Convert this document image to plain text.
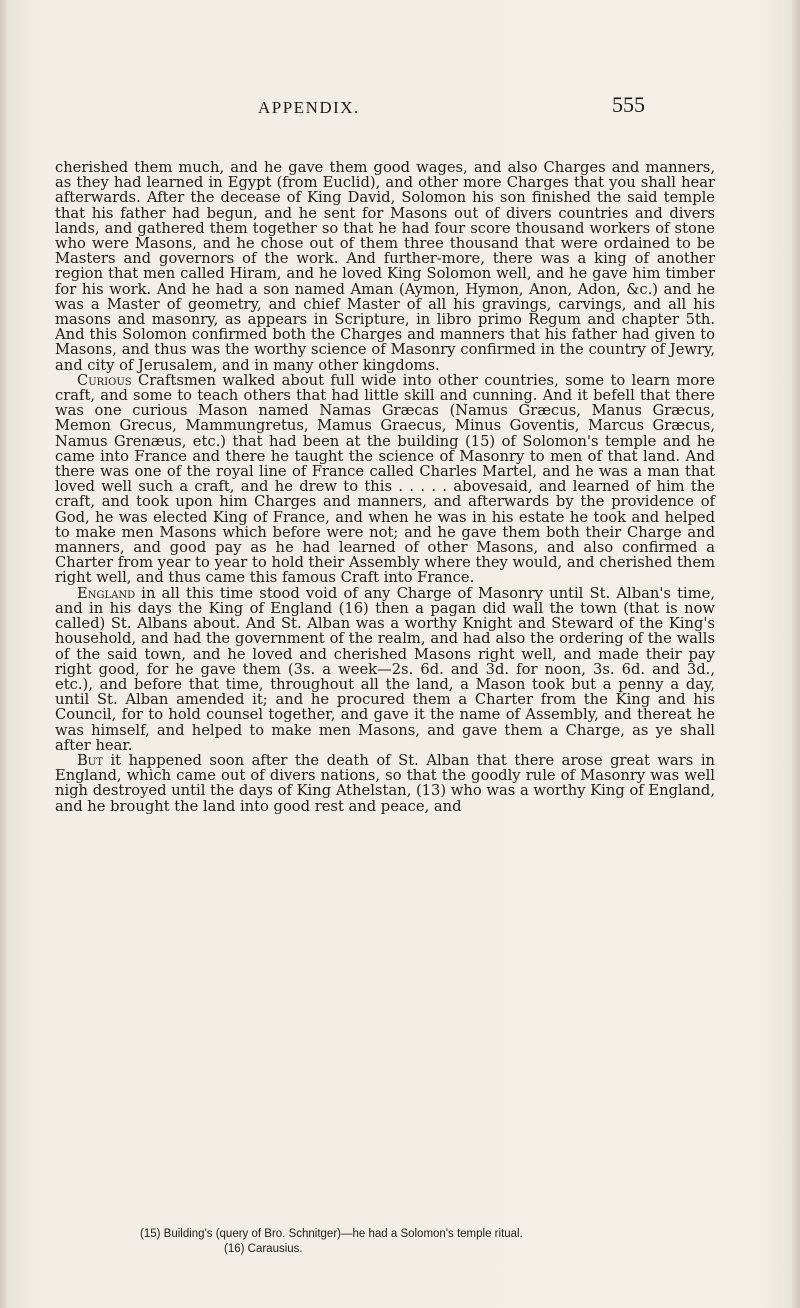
APPENDIX.	555

cherished them much, and he gave them good wages, and also Charges and manners, as they had learned in Egypt (from Euclid), and other more Charges that you shall hear afterwards. After the decease of King David, Solomon his son finished the said temple that his father had begun, and he sent for Masons out of divers countries and divers lands, and gathered them together so that he had four score thousand workers of stone who were Masons, and he chose out of them three thousand that were ordained to be Masters and governors of the work. And further-more, there was a king of another region that men called Hiram, and he loved King Solomon well, and he gave him timber for his work. And he had a son named Aman (Aymon, Hymon, Anon, Adon, &c.) and he was a Master of geometry, and chief Master of all his gravings, carvings, and all his masons and masonry, as appears in Scripture, in libro primo Regum and chapter 5th. And this Solomon confirmed both the Charges and manners that his father had given to Masons, and thus was the worthy science of Masonry confirmed in the country of Jewry, and city of Jerusalem, and in many other kingdoms.

Curious Craftsmen walked about full wide into other countries, some to learn more craft, and some to teach others that had little skill and cunning. And it befell that there was one curious Mason named Namas Græcas (Namus Græcus, Manus Græcus, Memon Grecus, Mammungretus, Mamus Graecus, Minus Goventis, Marcus Græcus, Namus Grenæus, etc.) that had been at the building (15) of Solomon's temple and he came into France and there he taught the science of Masonry to men of that land. And there was one of the royal line of France called Charles Martel, and he was a man that loved well such a craft, and he drew to this . . . . . abovesaid, and learned of him the craft, and took upon him Charges and manners, and afterwards by the providence of God, he was elected King of France, and when he was in his estate he took and helped to make men Masons which before were not; and he gave them both their Charge and manners, and good pay as he had learned of other Masons, and also confirmed a Charter from year to year to hold their Assembly where they would, and cherished them right well, and thus came this famous Craft into France.

England in all this time stood void of any Charge of Masonry until St. Alban's time, and in his days the King of England (16) then a pagan did wall the town (that is now called) St. Albans about. And St. Alban was a worthy Knight and Steward of the King's household, and had the government of the realm, and had also the ordering of the walls of the said town, and he loved and cherished Masons right well, and made their pay right good, for he gave them (3s. a week—2s. 6d. and 3d. for noon, 3s. 6d. and 3d., etc.), and before that time, throughout all the land, a Mason took but a penny a day, until St. Alban amended it; and he procured them a Charter from the King and his Council, for to hold counsel together, and gave it the name of Assembly, and thereat he was himself, and helped to make men Masons, and gave them a Charge, as ye shall after hear.

But it happened soon after the death of St. Alban that there arose great wars in England, which came out of divers nations, so that the goodly rule of Masonry was well nigh destroyed until the days of King Athelstan, (13) who was a worthy King of England, and he brought the land into good rest and peace, and

(15) Building's (query of Bro. Schnitger)—he had a Solomon's temple ritual.
(16) Carausius.
